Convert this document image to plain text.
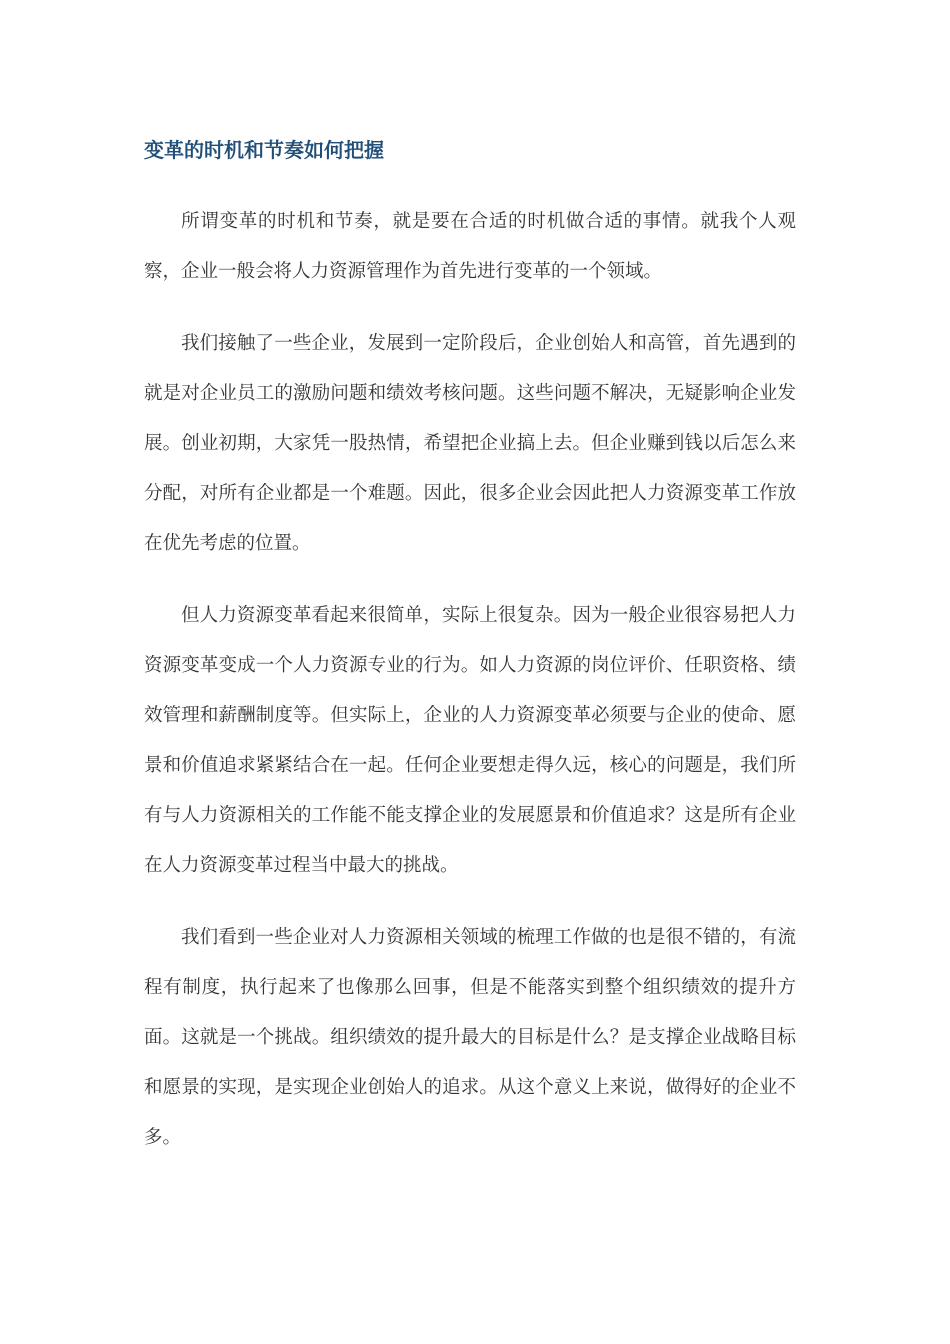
变革的时机和节奏如何把握

所谓变革的时机和节奏，就是要在合适的时机做合适的事情。就我个人观察，企业一般会将人力资源管理作为首先进行变革的一个领域。

我们接触了一些企业，发展到一定阶段后，企业创始人和高管，首先遇到的就是对企业员工的激励问题和绩效考核问题。这些问题不解决，无疑影响企业发展。创业初期，大家凭一股热情，希望把企业搞上去。但企业赚到钱以后怎么来分配，对所有企业都是一个难题。因此，很多企业会因此把人力资源变革工作放在优先考虑的位置。

但人力资源变革看起来很简单，实际上很复杂。因为一般企业很容易把人力资源变革变成一个人力资源专业的行为。如人力资源的岗位评价、任职资格、绩效管理和薪酬制度等。但实际上，企业的人力资源变革必须要与企业的使命、愿景和价值追求紧紧结合在一起。任何企业要想走得久远，核心的问题是，我们所有与人力资源相关的工作能不能支撑企业的发展愿景和价值追求？这是所有企业在人力资源变革过程当中最大的挑战。

我们看到一些企业对人力资源相关领域的梳理工作做的也是很不错的，有流程有制度，执行起来了也像那么回事，但是不能落实到整个组织绩效的提升方面。这就是一个挑战。组织绩效的提升最大的目标是什么？是支撑企业战略目标和愿景的实现，是实现企业创始人的追求。从这个意义上来说，做得好的企业不多。
